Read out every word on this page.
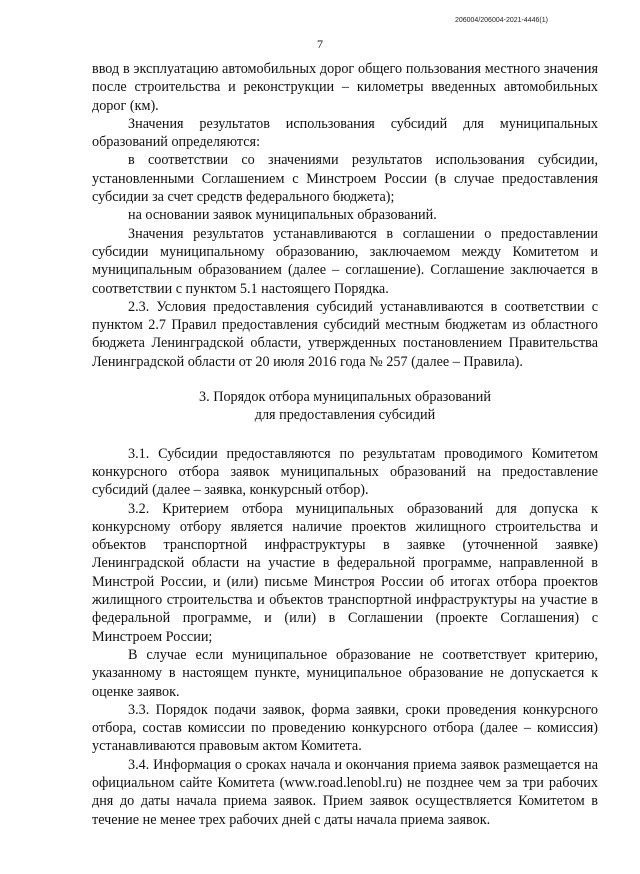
206004/206004-2021-4446(1)
7

ввод в эксплуатацию автомобильных дорог общего пользования местного значения после строительства и реконструкции – километры введенных автомобильных дорог (км).

Значения результатов использования субсидий для муниципальных образований определяются:

в соответствии со значениями результатов использования субсидии, установленными Соглашением с Минстроем России (в случае предоставления субсидии за счет средств федерального бюджета);

на основании заявок муниципальных образований.

Значения результатов устанавливаются в соглашении о предоставлении субсидии муниципальному образованию, заключаемом между Комитетом и муниципальным образованием (далее – соглашение). Соглашение заключается в соответствии с пунктом 5.1 настоящего Порядка.

2.3. Условия предоставления субсидий устанавливаются в соответствии с пунктом 2.7 Правил предоставления субсидий местным бюджетам из областного бюджета Ленинградской области, утвержденных постановлением Правительства Ленинградской области от 20 июля 2016 года № 257 (далее – Правила).

3. Порядок отбора муниципальных образований
для предоставления субсидий

3.1. Субсидии предоставляются по результатам проводимого Комитетом конкурсного отбора заявок муниципальных образований на предоставление субсидий (далее – заявка, конкурсный отбор).

3.2. Критерием отбора муниципальных образований для допуска к конкурсному отбору является наличие проектов жилищного строительства и объектов транспортной инфраструктуры в заявке (уточненной заявке) Ленинградской области на участие в федеральной программе, направленной в Минстрой России, и (или) письме Минстроя России об итогах отбора проектов жилищного строительства и объектов транспортной инфраструктуры на участие в федеральной программе, и (или) в Соглашении (проекте Соглашения) с Минстроем России;

В случае если муниципальное образование не соответствует критерию, указанному в настоящем пункте, муниципальное образование не допускается к оценке заявок.

3.3. Порядок подачи заявок, форма заявки, сроки проведения конкурсного отбора, состав комиссии по проведению конкурсного отбора (далее – комиссия) устанавливаются правовым актом Комитета.

3.4. Информация о сроках начала и окончания приема заявок размещается на официальном сайте Комитета (www.road.lenobl.ru) не позднее чем за три рабочих дня до даты начала приема заявок. Прием заявок осуществляется Комитетом в течение не менее трех рабочих дней с даты начала приема заявок.
